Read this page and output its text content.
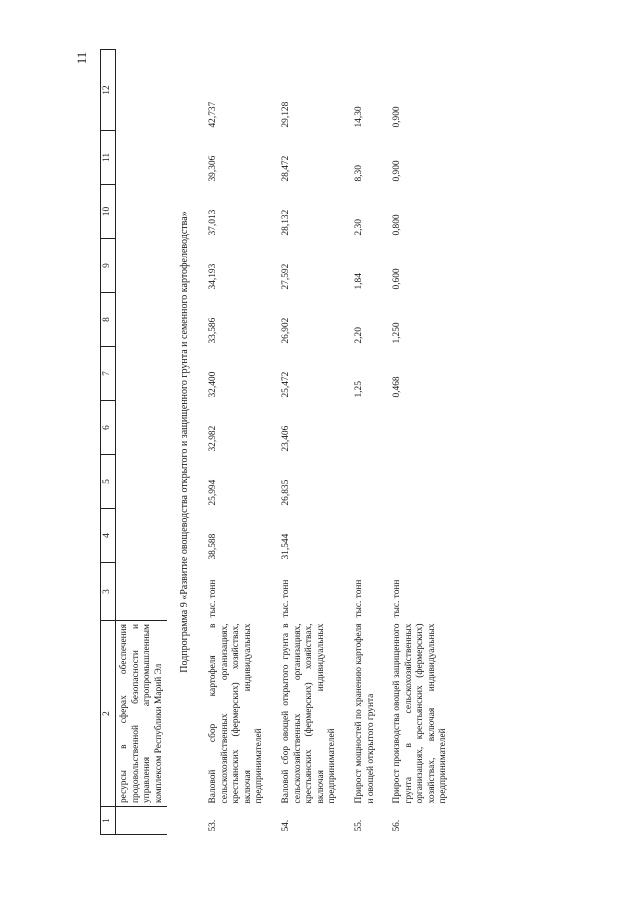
11
1	2	3	4	5	6	7	8	9	10	11	12
	ресурсы в сферах обеспечения продовольственной безопасности и управления агропромышленным комплексом Республики Марий Эл										
Подпрограмма 9 «Развитие овощеводства открытого и защищенного грунта и семенного картофелеводства»											
53.	Валовой сбор картофеля в сельскохозяйственных организациях, крестьянских (фермерских) хозяйствах, включая индивидуальных предпринимателей	тыс. тонн	38,588	25,994	32,982	32,400	33,586	34,193	37,013	39,306	42,737
54.	Валовой сбор овощей открытого грунта в сельскохозяйственных организациях, крестьянских (фермерских) хозяйствах, включая индивидуальных предпринимателей	тыс. тонн	31,544	26,835	23,406	25,472	26,902	27,592	28,132	28,472	29,128
55.	Прирост мощностей по хранению картофеля и овощей открытого грунта	тыс. тонн				1,25	2,20	1,84	2,30	8,30	14,30
56.	Прирост производства овощей защищенного грунта в сельскохозяйственных организациях, крестьянских (фермерских) хозяйствах, включая индивидуальных предпринимателей	тыс. тонн				0,468	1,250	0,600	0,800	0,900	0,900
